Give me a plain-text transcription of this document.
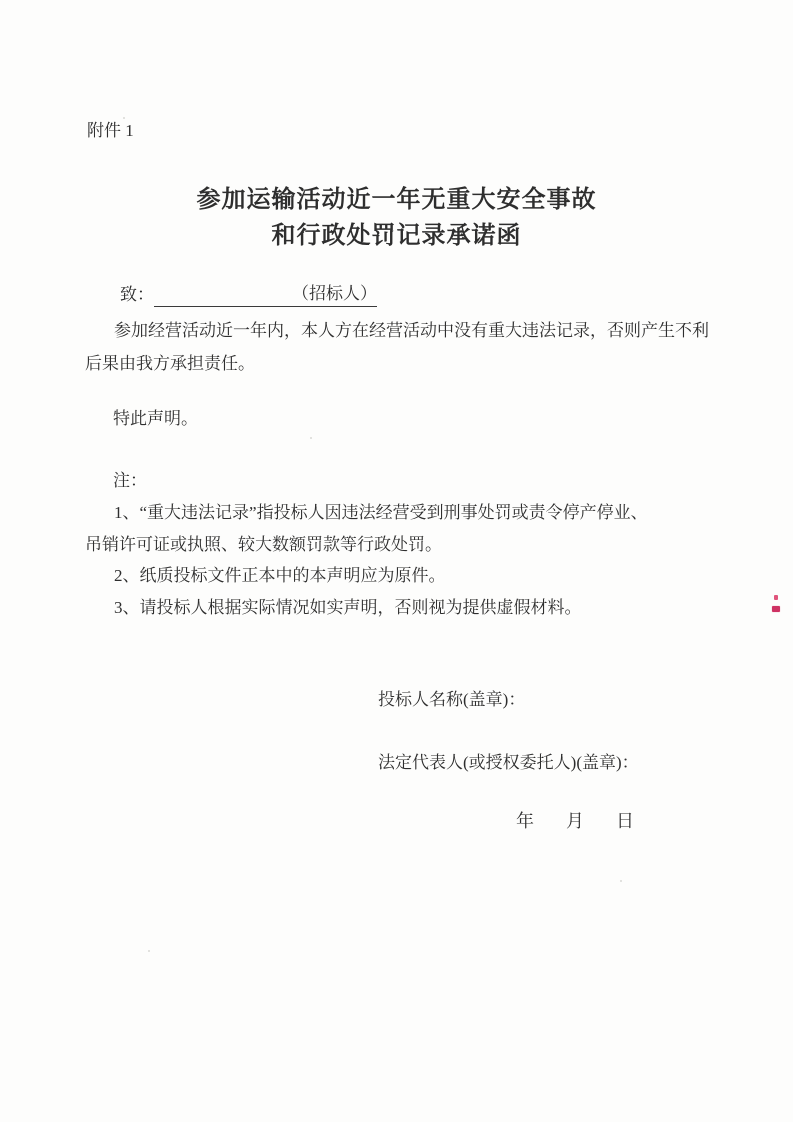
附件 1
参加运输活动近一年无重大安全事故
和行政处罚记录承诺函
致：	（招标人）
参加经营活动近一年内，本人方在经营活动中没有重大违法记录，否则产生不利
后果由我方承担责任。
特此声明。
注：
1、“重大违法记录”指投标人因违法经营受到刑事处罚或责令停产停业、
吊销许可证或执照、较大数额罚款等行政处罚。
2、纸质投标文件正本中的本声明应为原件。
3、请投标人根据实际情况如实声明，否则视为提供虚假材料。
投标人名称(盖章)：
法定代表人(或授权委托人)(盖章)：
年 月 日
